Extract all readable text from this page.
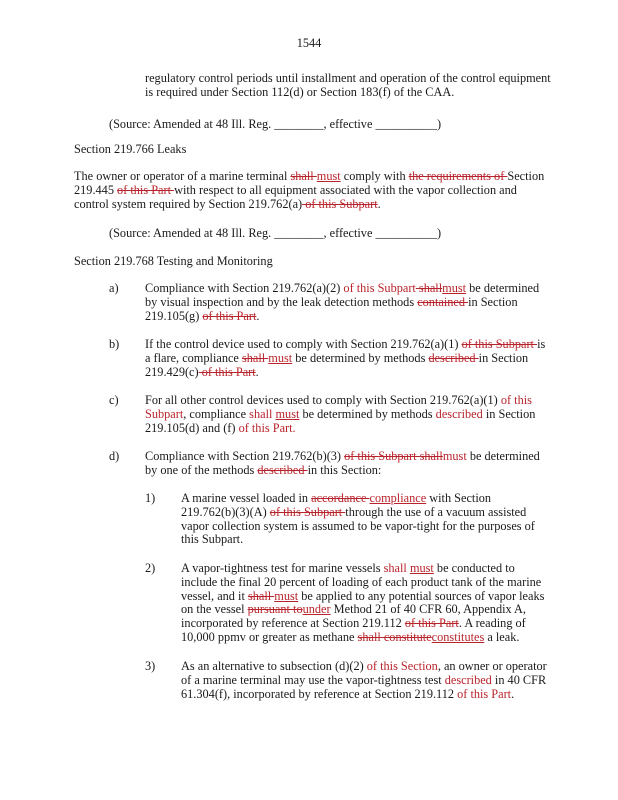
1544
regulatory control periods until installment and operation of the control equipment
is required under Section 112(d) or Section 183(f) of the CAA.
(Source: Amended at 48 Ill. Reg. ________, effective __________)
Section 219.766 Leaks
The owner or operator of a marine terminal shall must comply with the requirements of Section
219.445 of this Part with respect to all equipment associated with the vapor collection and
control system required by Section 219.762(a) of this Subpart.
(Source: Amended at 48 Ill. Reg. ________, effective __________)
Section 219.768 Testing and Monitoring
a) Compliance with Section 219.762(a)(2) of this Subpart shallmust be determined
by visual inspection and by the leak detection methods contained in Section
219.105(g) of this Part.
b) If the control device used to comply with Section 219.762(a)(1) of this Subpart is
a flare, compliance shall must be determined by methods described in Section
219.429(c) of this Part.
c) For all other control devices used to comply with Section 219.762(a)(1) of this
Subpart, compliance shall must be determined by methods described in Section
219.105(d) and (f) of this Part.
d) Compliance with Section 219.762(b)(3) of this Subpart shallmust be determined
by one of the methods described in this Section:
1) A marine vessel loaded in accordance compliance with Section
219.762(b)(3)(A) of this Subpart through the use of a vacuum assisted
vapor collection system is assumed to be vapor-tight for the purposes of
this Subpart.
2) A vapor-tightness test for marine vessels shall must be conducted to
include the final 20 percent of loading of each product tank of the marine
vessel, and it shall must be applied to any potential sources of vapor leaks
on the vessel pursuant tounder Method 21 of 40 CFR 60, Appendix A,
incorporated by reference at Section 219.112 of this Part. A reading of
10,000 ppmv or greater as methane shall constituteconstitutes a leak.
3) As an alternative to subsection (d)(2) of this Section, an owner or operator
of a marine terminal may use the vapor-tightness test described in 40 CFR
61.304(f), incorporated by reference at Section 219.112 of this Part.
